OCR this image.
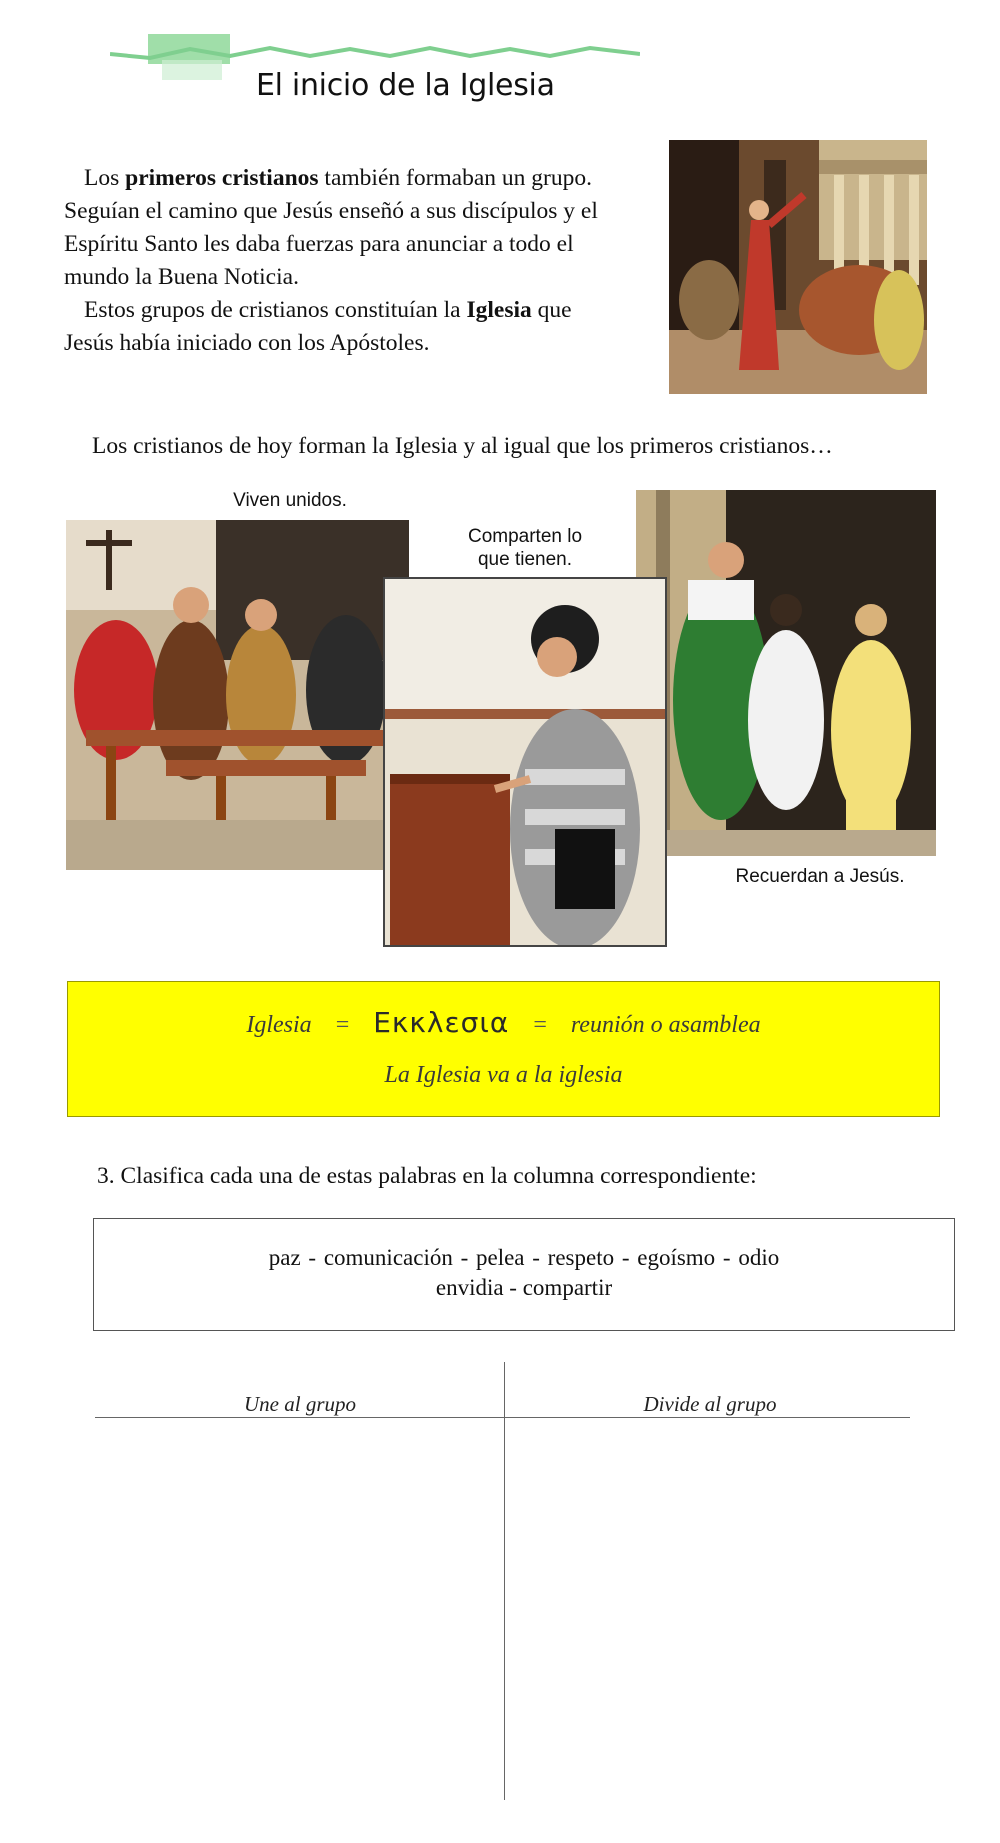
El inicio de la Iglesia

Los primeros cristianos también formaban un grupo. Seguían el camino que Jesús enseñó a sus discípulos y el Espíritu Santo les daba fuerzas para anunciar a todo el mundo la Buena Noticia.

Estos grupos de cristianos constituían la Iglesia que Jesús había iniciado con los Apóstoles.

Los cristianos de hoy forman la Iglesia y al igual que los primeros cristianos…
Viven unidos.
Comparten lo
que tienen.
Recuerdan a Jesús.
Iglesia = Εκκλεσια = reunión o asamblea
La Iglesia va a la iglesia
3. Clasifica cada una de estas palabras en la columna correspondiente:
paz - comunicación - pelea - respeto - egoísmo - odio
envidia - compartir
Une al grupo	Divide al grupo
